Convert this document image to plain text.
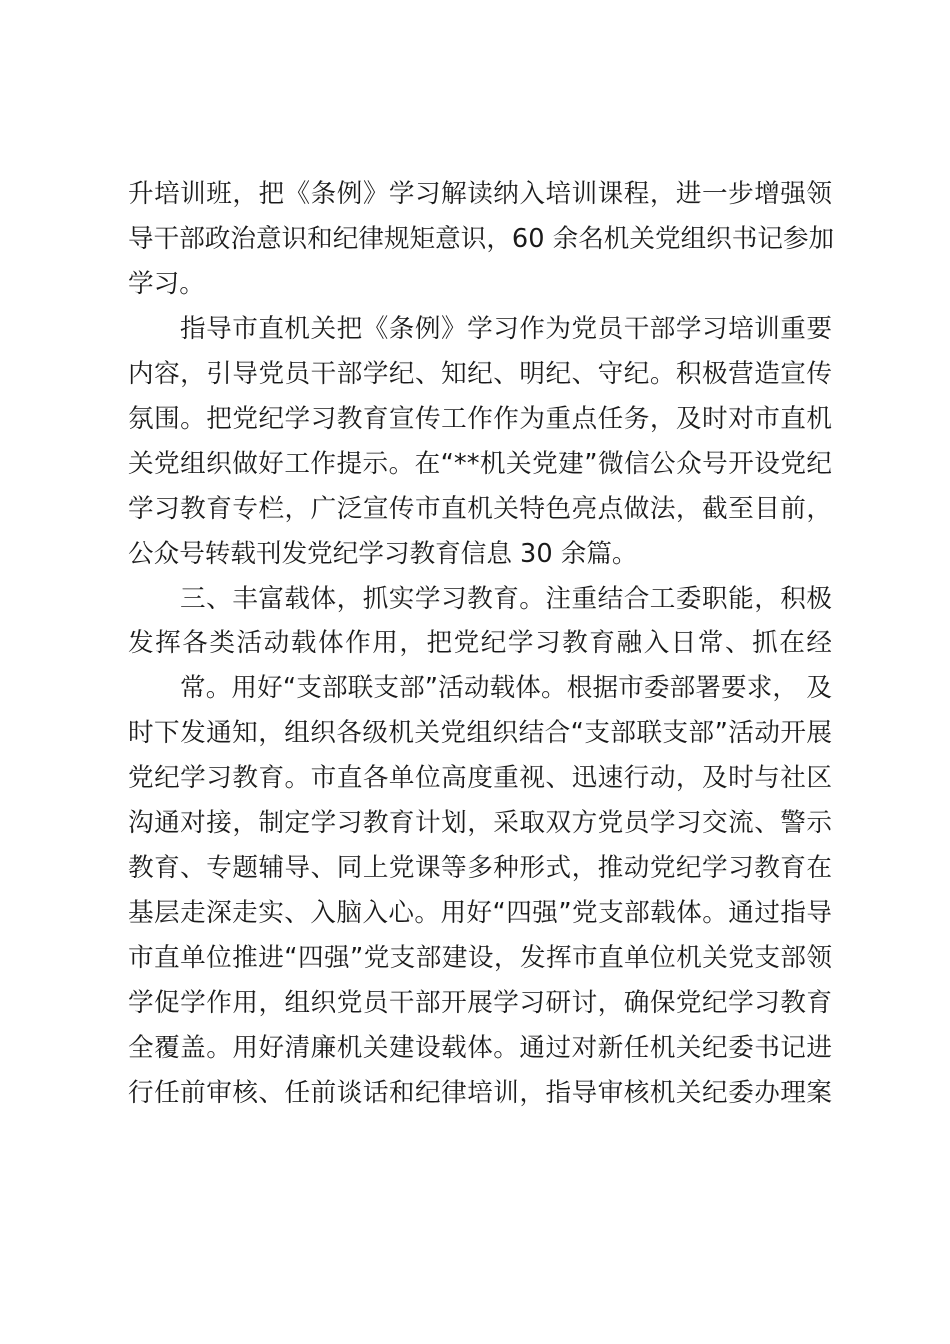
升培训班，把《条例》学习解读纳入培训课程，进一步增强领
导干部政治意识和纪律规矩意识，60 余名机关党组织书记参加
学习。
指导市直机关把《条例》学习作为党员干部学习培训重要
内容，引导党员干部学纪、知纪、明纪、守纪。积极营造宣传
氛围。把党纪学习教育宣传工作作为重点任务，及时对市直机
关党组织做好工作提示。在“**机关党建”微信公众号开设党纪
学习教育专栏，广泛宣传市直机关特色亮点做法，截至目前，
公众号转载刊发党纪学习教育信息 30 余篇。
三、丰富载体，抓实学习教育。注重结合工委职能，积极
发挥各类活动载体作用，把党纪学习教育融入日常、抓在经
常。用好“支部联支部”活动载体。根据市委部署要求， 及
时下发通知，组织各级机关党组织结合“支部联支部”活动开展
党纪学习教育。市直各单位高度重视、迅速行动，及时与社区
沟通对接，制定学习教育计划，采取双方党员学习交流、警示
教育、专题辅导、同上党课等多种形式，推动党纪学习教育在
基层走深走实、入脑入心。用好“四强”党支部载体。通过指导
市直单位推进“四强”党支部建设，发挥市直单位机关党支部领
学促学作用，组织党员干部开展学习研讨，确保党纪学习教育
全覆盖。用好清廉机关建设载体。通过对新任机关纪委书记进
行任前审核、任前谈话和纪律培训，指导审核机关纪委办理案
